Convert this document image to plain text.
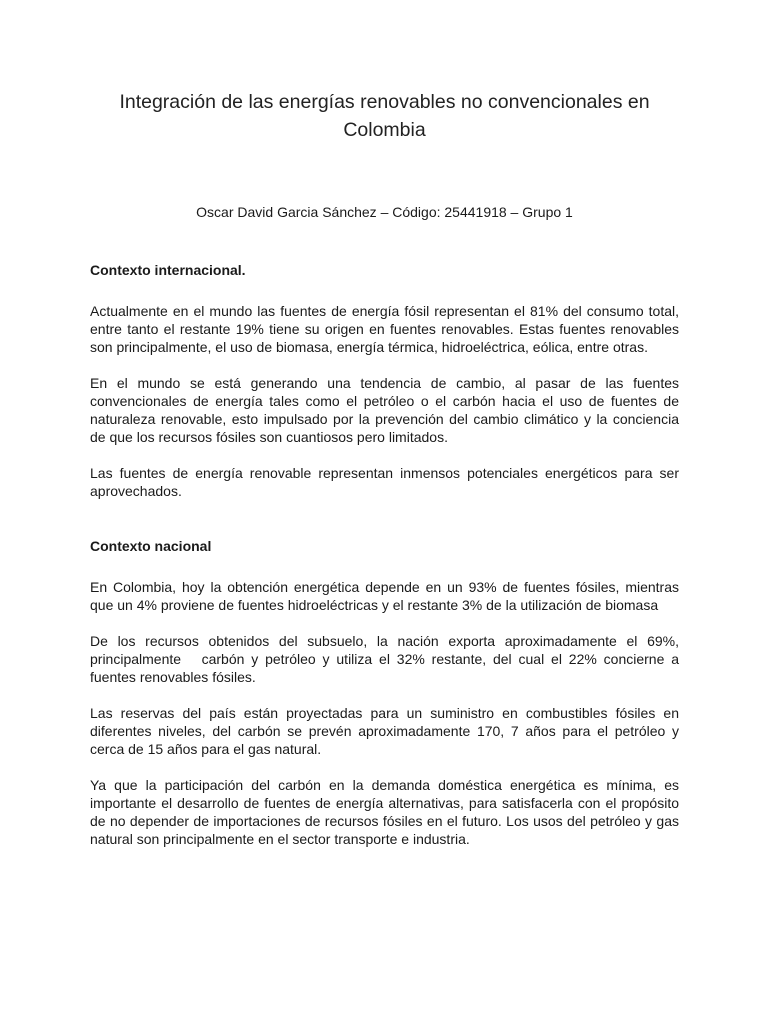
Integración de las energías renovables no convencionales en Colombia
Oscar David Garcia Sánchez – Código: 25441918 – Grupo 1
Contexto internacional.

Actualmente en el mundo las fuentes de energía fósil representan el 81% del consumo total, entre tanto el restante 19% tiene su origen en fuentes renovables. Estas fuentes renovables son principalmente, el uso de biomasa, energía térmica, hidroeléctrica, eólica, entre otras.

En el mundo se está generando una tendencia de cambio, al pasar de las fuentes convencionales de energía tales como el petróleo o el carbón hacia el uso de fuentes de naturaleza renovable, esto impulsado por la prevención del cambio climático y la conciencia de que los recursos fósiles son cuantiosos pero limitados.

Las fuentes de energía renovable representan inmensos potenciales energéticos para ser aprovechados.

Contexto nacional

En Colombia, hoy la obtención energética depende en un 93% de fuentes fósiles, mientras que un 4% proviene de fuentes hidroeléctricas y el restante 3% de la utilización de biomasa

De los recursos obtenidos del subsuelo, la nación exporta aproximadamente el 69%, principalmente   carbón y petróleo y utiliza el 32% restante, del cual el 22% concierne a fuentes renovables fósiles.

Las reservas del país están proyectadas para un suministro en combustibles fósiles en diferentes niveles, del carbón se prevén aproximadamente 170, 7 años para el petróleo y cerca de 15 años para el gas natural.

Ya que la participación del carbón en la demanda doméstica energética es mínima, es importante el desarrollo de fuentes de energía alternativas, para satisfacerla con el propósito de no depender de importaciones de recursos fósiles en el futuro. Los usos del petróleo y gas natural son principalmente en el sector transporte e industria.
